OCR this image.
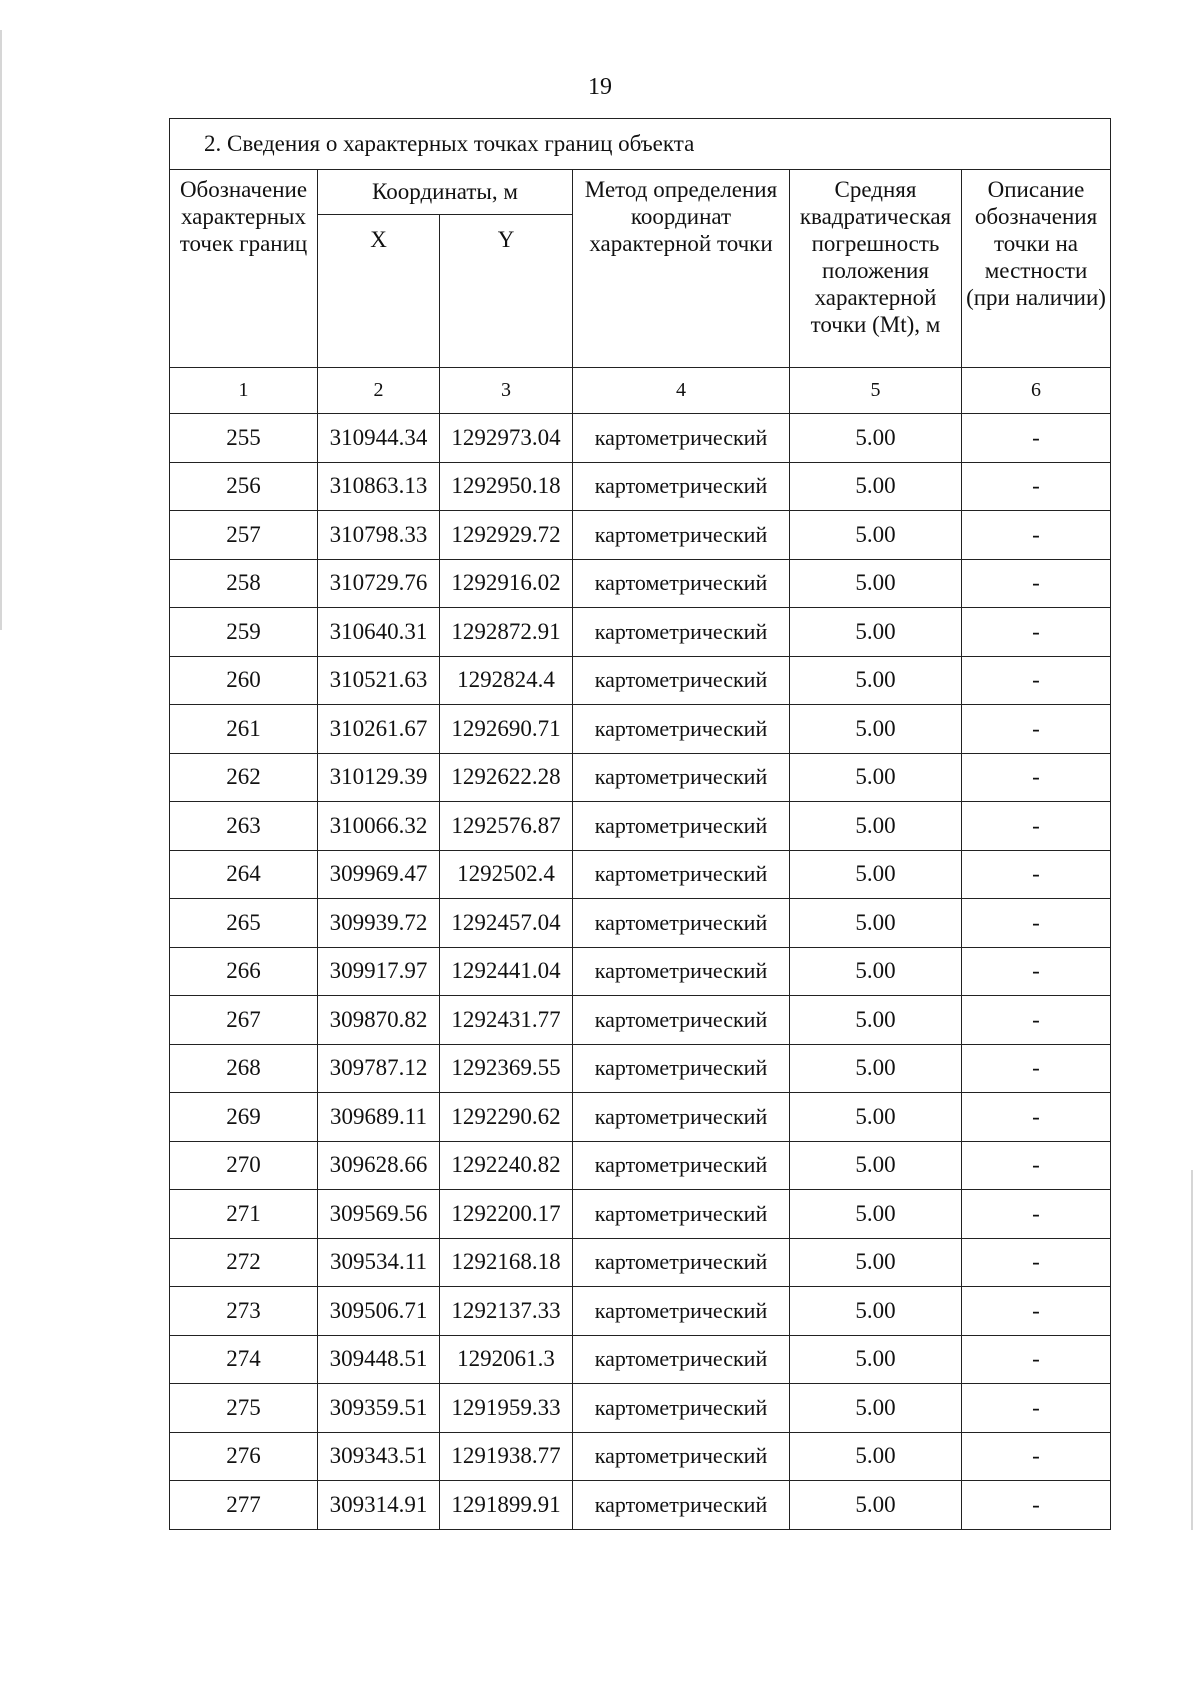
19
2. Сведения о характерных точках границ объекта					
Обозначение характерных точек границ	Координаты, м		Метод определения координат характерной точки	Средняя квадратическая погрешность положения характерной точки (Mt), м	Описание обозначения точки на местности (при наличии)
	X	Y			
1	2	3	4	5	6
255	310944.34	1292973.04	картометрический	5.00	-
256	310863.13	1292950.18	картометрический	5.00	-
257	310798.33	1292929.72	картометрический	5.00	-
258	310729.76	1292916.02	картометрический	5.00	-
259	310640.31	1292872.91	картометрический	5.00	-
260	310521.63	1292824.4	картометрический	5.00	-
261	310261.67	1292690.71	картометрический	5.00	-
262	310129.39	1292622.28	картометрический	5.00	-
263	310066.32	1292576.87	картометрический	5.00	-
264	309969.47	1292502.4	картометрический	5.00	-
265	309939.72	1292457.04	картометрический	5.00	-
266	309917.97	1292441.04	картометрический	5.00	-
267	309870.82	1292431.77	картометрический	5.00	-
268	309787.12	1292369.55	картометрический	5.00	-
269	309689.11	1292290.62	картометрический	5.00	-
270	309628.66	1292240.82	картометрический	5.00	-
271	309569.56	1292200.17	картометрический	5.00	-
272	309534.11	1292168.18	картометрический	5.00	-
273	309506.71	1292137.33	картометрический	5.00	-
274	309448.51	1292061.3	картометрический	5.00	-
275	309359.51	1291959.33	картометрический	5.00	-
276	309343.51	1291938.77	картометрический	5.00	-
277	309314.91	1291899.91	картометрический	5.00	-
